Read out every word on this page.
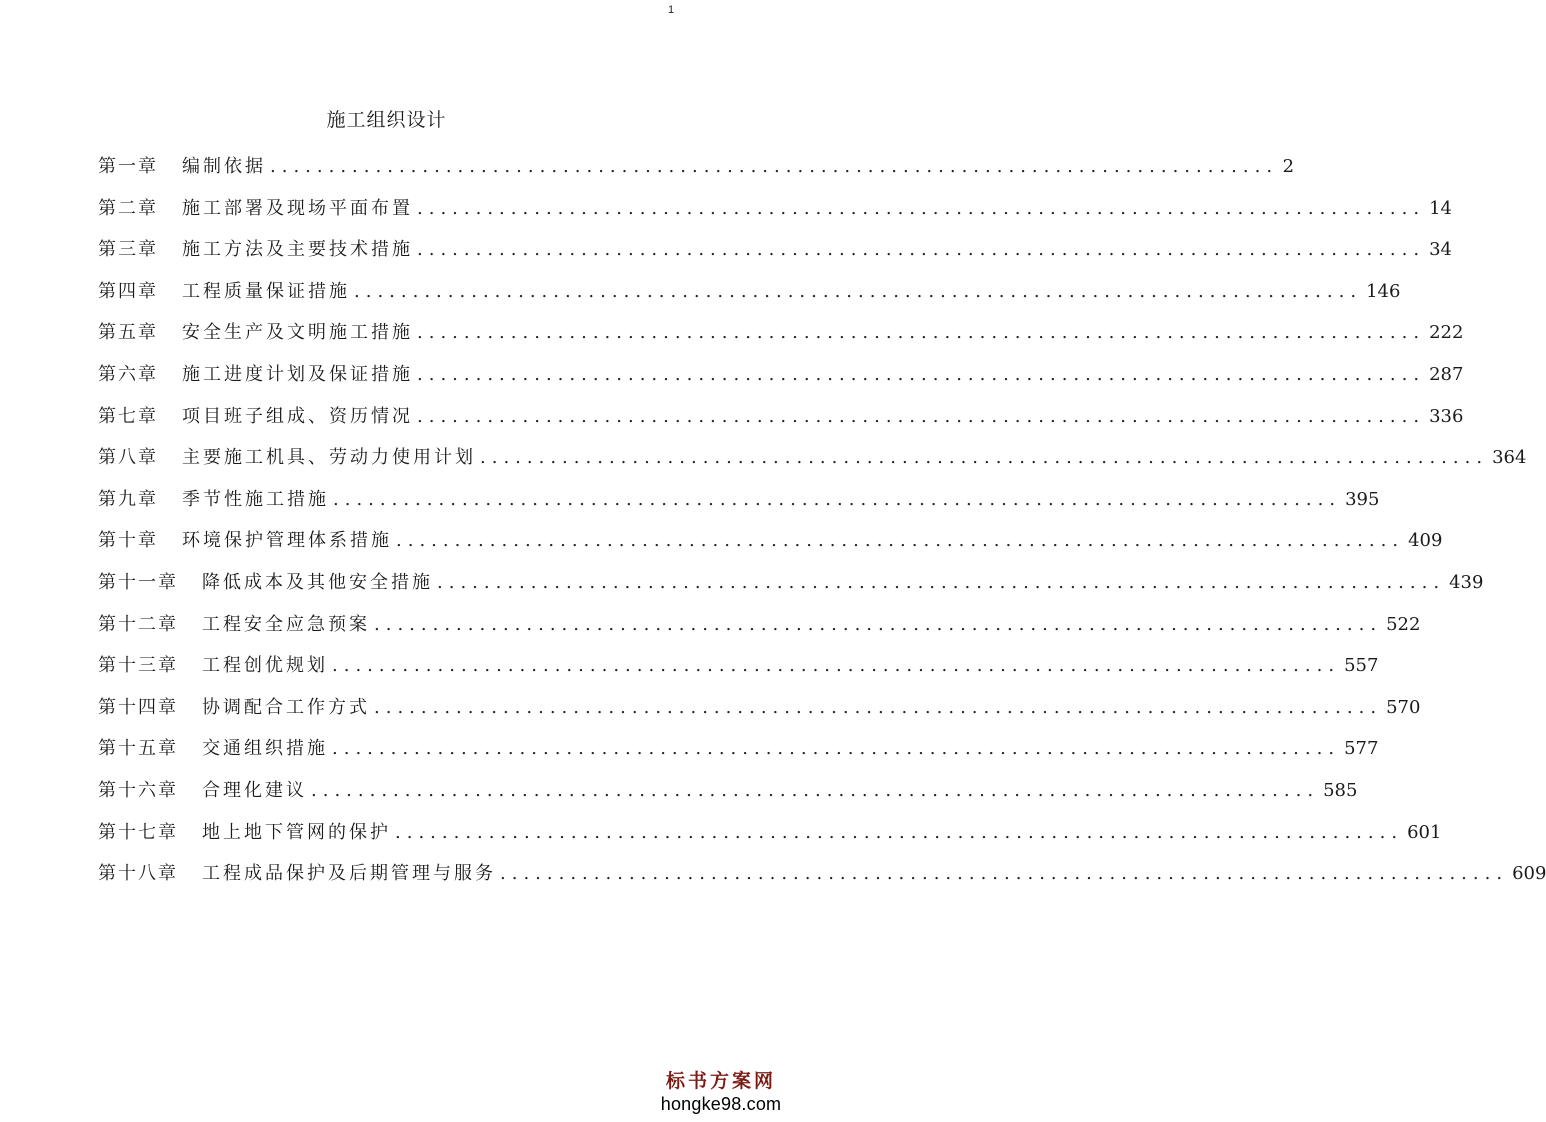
1
施工组织设计
第一章 编制依据 ...................................................................................... 2
第二章 施工部署及现场平面布置 ...................................................................................... 14
第三章 施工方法及主要技术措施 ...................................................................................... 34
第四章 工程质量保证措施 ...................................................................................... 146
第五章 安全生产及文明施工措施 ...................................................................................... 222
第六章 施工进度计划及保证措施 ...................................................................................... 287
第七章 项目班子组成、资历情况 ...................................................................................... 336
第八章 主要施工机具、劳动力使用计划 ...................................................................................... 364
第九章 季节性施工措施 ...................................................................................... 395
第十章 环境保护管理体系措施 ...................................................................................... 409
第十一章 降低成本及其他安全措施 ...................................................................................... 439
第十二章 工程安全应急预案 ...................................................................................... 522
第十三章 工程创优规划 ...................................................................................... 557
第十四章 协调配合工作方式 ...................................................................................... 570
第十五章 交通组织措施 ...................................................................................... 577
第十六章 合理化建议 ...................................................................................... 585
第十七章 地上地下管网的保护 ...................................................................................... 601
第十八章 工程成品保护及后期管理与服务 ...................................................................................... 609
标书方案网
hongke98.com
